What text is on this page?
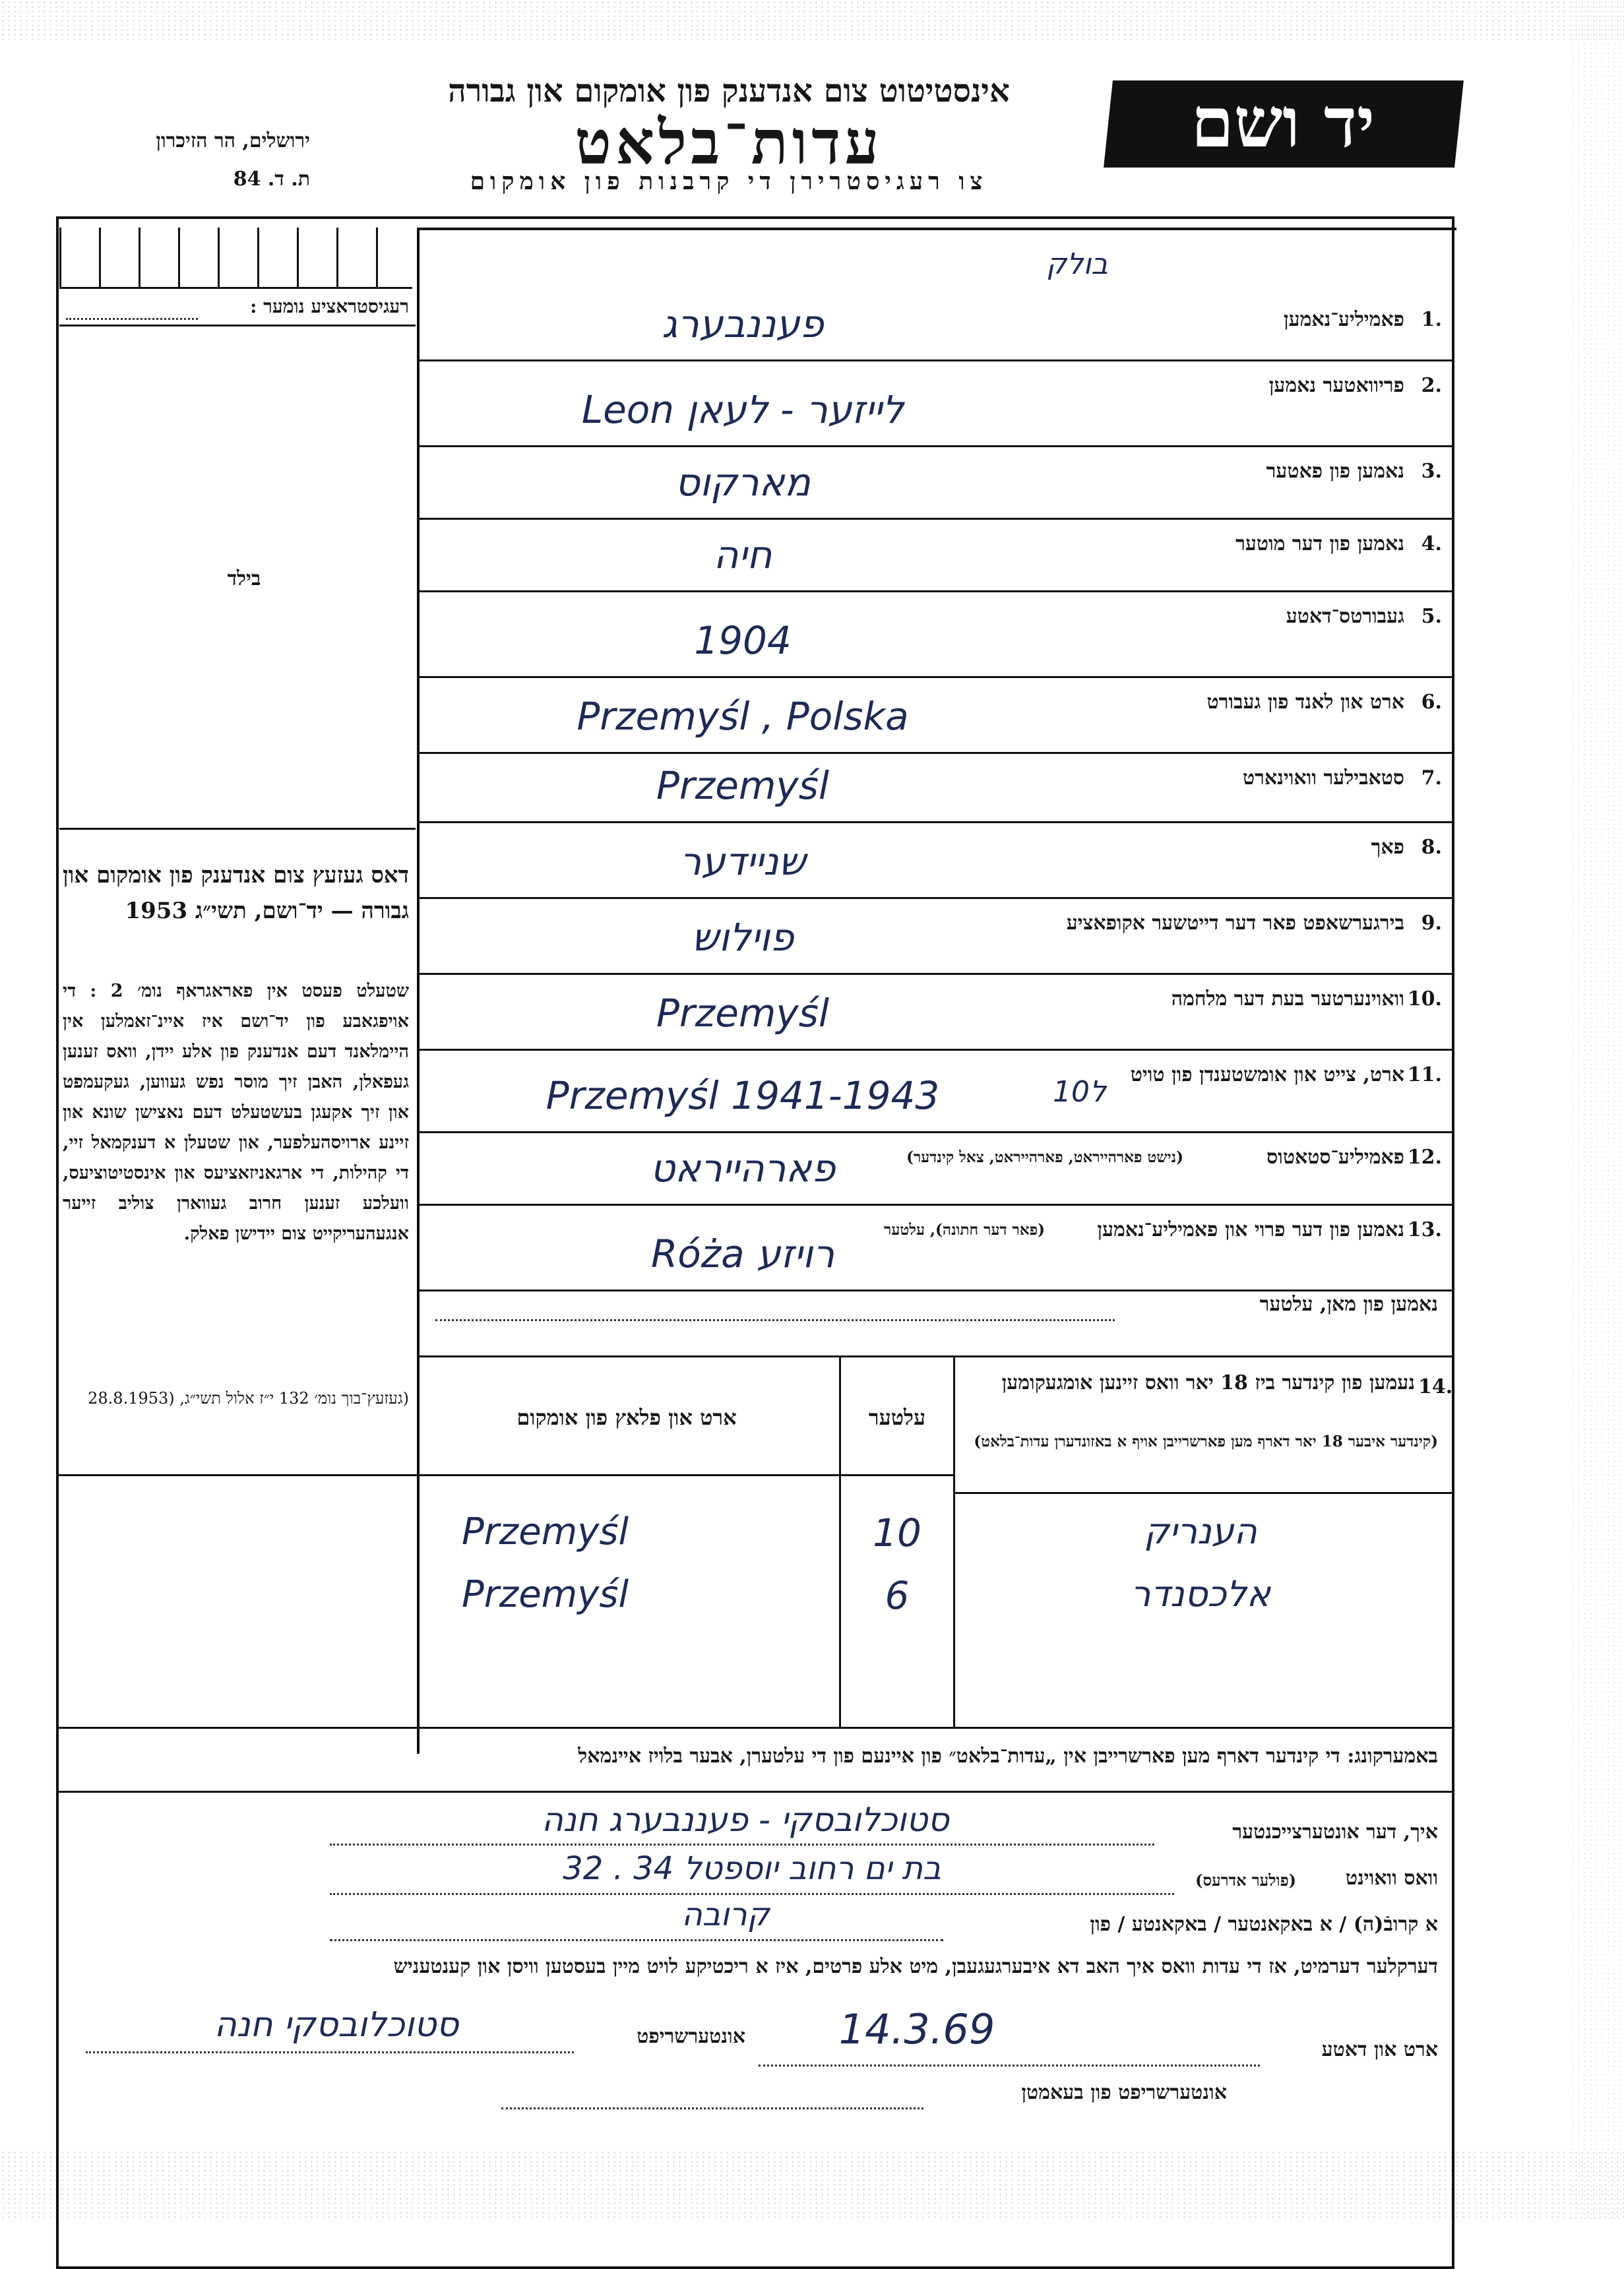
יד ושם
אינסטיטוט צום אנדענק פון אומקום און גבורה
עדות־בלאט
צו רעגיסטרירן די קרבנות פון אומקום
ירושלים, הר הזיכרון
ת. ד. 84
רעגיסטראציע נומער :
בילד
דאס געזעץ צום אנדענק פון אומקום און גבורה — יד־ושם, תשי״ג 1953
שטעלט פעסט אין פאראגראף נומ׳ 2 : די אויפגאבע פון יד־ושם איז איינ־זאמלען אין היימלאנד דעם אנדענק פון אלע יידן, וואס זענען געפאלן, האבן זיך מוסר נפש געווען, געקעמפט און זיך אקעגן בעשטעלט דעם נאצישן שונא און זיינע ארויסהעלפער, און שטעלן א דענקמאל זיי, די קהילות, די ארגאניזאציעס און אינסטיטוציעס, וועלכע זענען חרוב געווארן צוליב זייער אנגעהעריקייט צום יידישן פאלק.
(געזעץ־בוך נומ׳ 132 י״ז אלול תשי״ג, (28.8.1953
1.
פאמיליע־נאמען
פעננבערג
בולק
2.
פריוואטער נאמען
Leon לייזער - לעאן
3.
נאמען פון פאטער
מארקוס
4.
נאמען פון דער מוטער
חיה
5.
געבורטס־דאטע
1904
6.
ארט און לאנד פון געבורט
Przemyśl , Polska
7.
סטאבילער וואוינארט
Przemyśl
8.
פאך
שניידער
9.
בירגערשאפט פאר דער דייטשער אקופאציע
פוילוש
10.
וואוינערטער בעת דער מלחמה
Przemyśl
11.
ארט, צייט און אומשטענדן פון טויט
Przemyśl 1941-1943	10ל
12.
פאמיליע־סטאטוס
(נישט פארהייראט, פארהייראט, צאל קינדער)
פארהייראט
13.
נאמען פון דער פרוי און פאמיליע־נאמען
(פאר דער חתונה), עלטער
Róża רויזע
נאמען פון מאן, עלטער
14.
נעמען פון קינדער ביז 18 יאר וואס זיינען אומגעקומען
(קינדער איבער 18 יאר דארף מען פארשרייבן אויף א באזונדערן עדות־בלאט)
עלטער
ארט און פלאץ פון אומקום
הענריק
10
Przemyśl
אלכסנדר
6
Przemyśl
באמערקונג: די קינדער דארף מען פארשרייבן אין „עדות־בלאט״ פון איינעם פון די עלטערן, אבער בלויז איינמאל
איך, דער אונטערצייכנטער
סטוכלובסקי - פעננבערג חנה
וואס וואוינט
(פולער אדרעס)
בת ים רחוב יוספטל 34 . 32
א קרובֿ(ה) / א באקאנטער / באקאנטע / פון
קרובה
דערקלער דערמיט, אז די עדות וואס איך האב דא איבערגעגעבן, מיט אלע פרטים, איז א ריכטיקע לויט מיין בעסטען וויסן און קענטעניש
ארט און דאטע
14.3.69
אונטערשריפט
סטוכלובסקי חנה
אונטערשריפט פון בעאמטן
